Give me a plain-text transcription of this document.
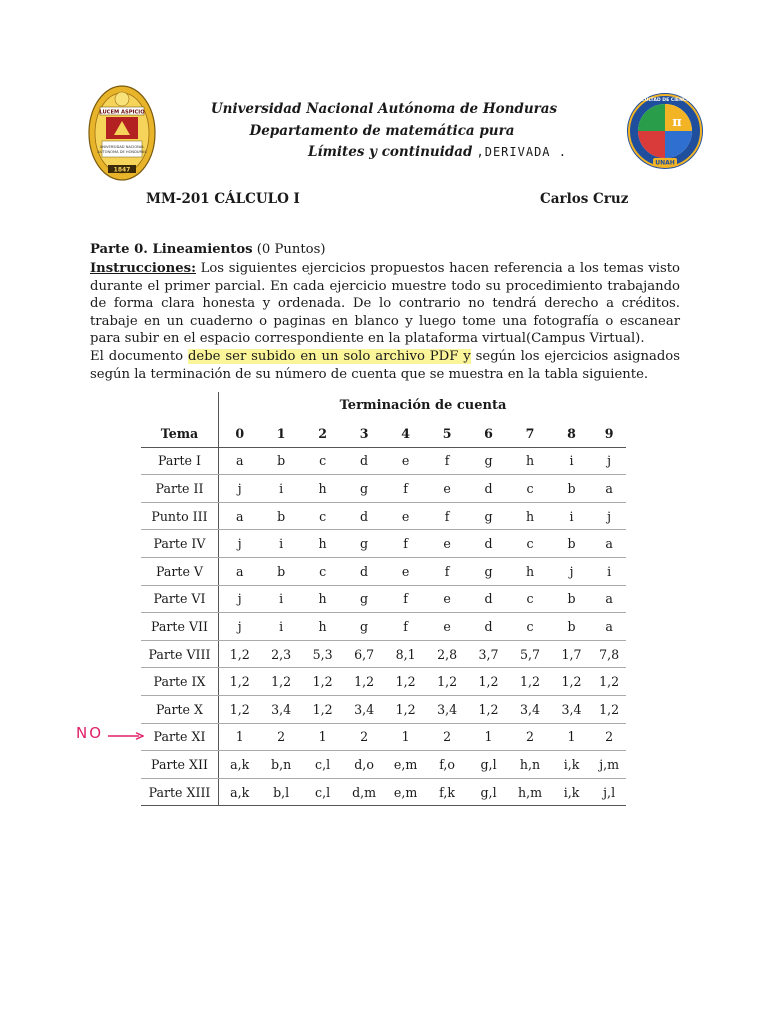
LUCEM ASPICIO
UNIVERSIDAD NACIONAL
AUTONOMA DE HONDURAS
1847
π
FACULTAD DE CIENCIAS
UNAH
Universidad Nacional Autónoma de Honduras
Departamento de matemática pura
Límites y continuidad ,DERIVADA .
MM-201 CÁLCULO I	Carlos Cruz
Parte 0. Lineamientos (0 Puntos)

Instrucciones: Los siguientes ejercicios propuestos hacen referencia a los temas visto durante el primer parcial. En cada ejercicio muestre todo su procedimiento trabajando de forma clara honesta y ordenada. De lo contrario no tendrá derecho a créditos. trabaje en un cuaderno o paginas en blanco y luego tome una fotografía o escanear para subir en el espacio correspondiente en la plataforma virtual(Campus Virtual).

El documento debe ser subido en un solo archivo PDF y según los ejercicios asignados según la terminación de su número de cuenta que se muestra en la tabla siguiente.

Terminación de cuenta

Tema	0	1	2	3	4	5	6	7	8	9
Parte I	a	b	c	d	e	f	g	h	i	j
Parte II	j	i	h	g	f	e	d	c	b	a
Punto III	a	b	c	d	e	f	g	h	i	j
Parte IV	j	i	h	g	f	e	d	c	b	a
Parte V	a	b	c	d	e	f	g	h	j	i
Parte VI	j	i	h	g	f	e	d	c	b	a
Parte VII	j	i	h	g	f	e	d	c	b	a
Parte VIII	1,2	2,3	5,3	6,7	8,1	2,8	3,7	5,7	1,7	7,8
Parte IX	1,2	1,2	1,2	1,2	1,2	1,2	1,2	1,2	1,2	1,2
Parte X	1,2	3,4	1,2	3,4	1,2	3,4	1,2	3,4	3,4	1,2
Parte XI	1	2	1	2	1	2	1	2	1	2
Parte XII	a,k	b,n	c,l	d,o	e,m	f,o	g,l	h,n	i,k	j,m
Parte XIII	a,k	b,l	c,l	d,m	e,m	f,k	g,l	h,m	i,k	j,l
NO
